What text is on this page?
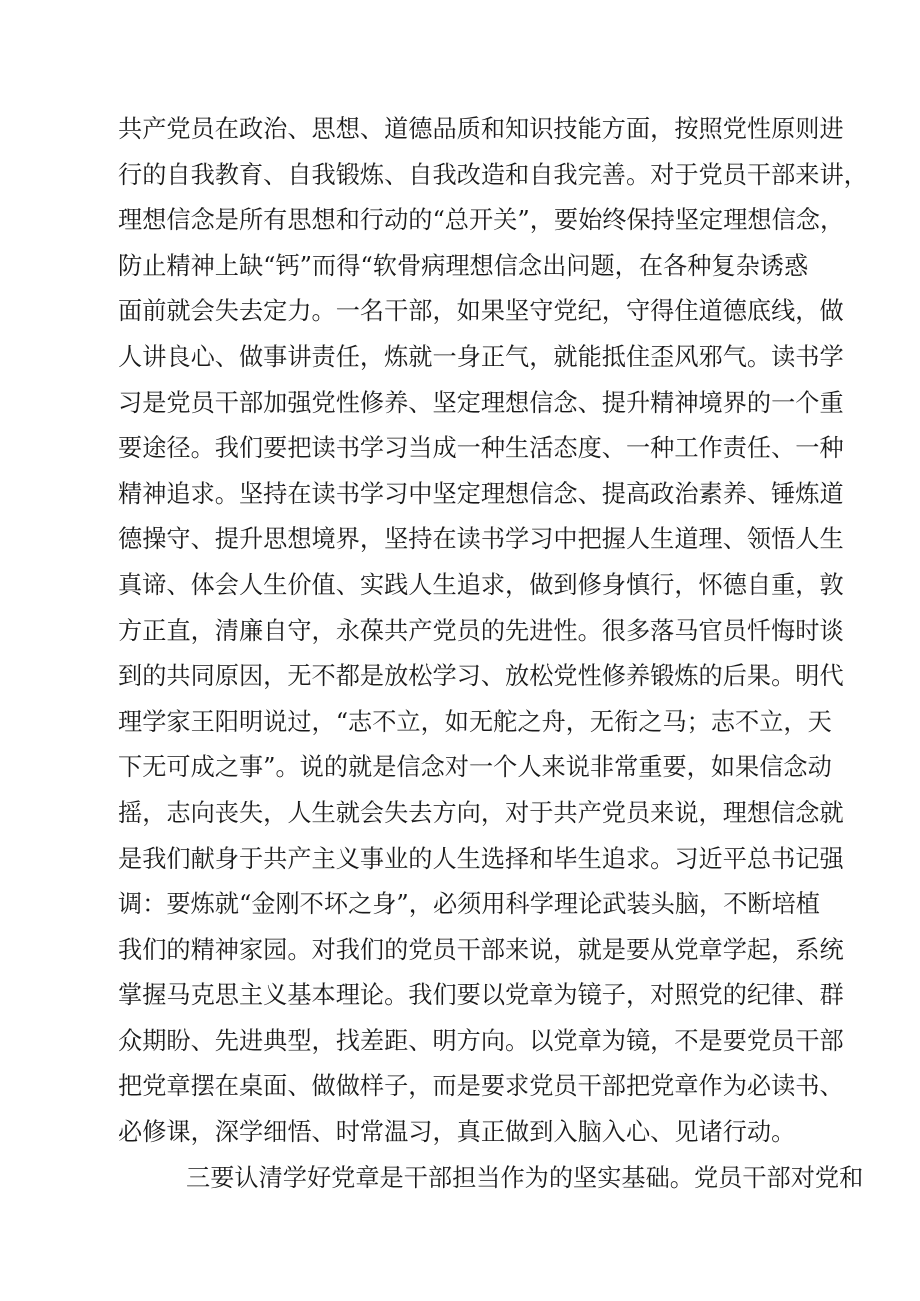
共产党员在政治、思想、道德品质和知识技能方面，按照党性原则进
行的自我教育、自我锻炼、自我改造和自我完善。对于党员干部来讲，
理想信念是所有思想和行动的“总开关”，要始终保持坚定理想信念，
防止精神上缺“钙”而得“软骨病理想信念出问题，在各种复杂诱惑
面前就会失去定力。一名干部，如果坚守党纪，守得住道德底线，做
人讲良心、做事讲责任，炼就一身正气，就能抵住歪风邪气。读书学
习是党员干部加强党性修养、坚定理想信念、提升精神境界的一个重
要途径。我们要把读书学习当成一种生活态度、一种工作责任、一种
精神追求。坚持在读书学习中坚定理想信念、提高政治素养、锤炼道
德操守、提升思想境界，坚持在读书学习中把握人生道理、领悟人生
真谛、体会人生价值、实践人生追求，做到修身慎行，怀德自重，敦
方正直，清廉自守，永葆共产党员的先进性。很多落马官员忏悔时谈
到的共同原因，无不都是放松学习、放松党性修养锻炼的后果。明代
理学家王阳明说过，“志不立，如无舵之舟，无衔之马；志不立，天
下无可成之事”。说的就是信念对一个人来说非常重要，如果信念动
摇，志向丧失，人生就会失去方向，对于共产党员来说，理想信念就
是我们献身于共产主义事业的人生选择和毕生追求。习近平总书记强
调：要炼就“金刚不坏之身”，必须用科学理论武装头脑，不断培植
我们的精神家园。对我们的党员干部来说，就是要从党章学起，系统
掌握马克思主义基本理论。我们要以党章为镜子，对照党的纪律、群
众期盼、先进典型，找差距、明方向。以党章为镜，不是要党员干部
把党章摆在桌面、做做样子，而是要求党员干部把党章作为必读书、
必修课，深学细悟、时常温习，真正做到入脑入心、见诸行动。
三要认清学好党章是干部担当作为的坚实基础。党员干部对党和
